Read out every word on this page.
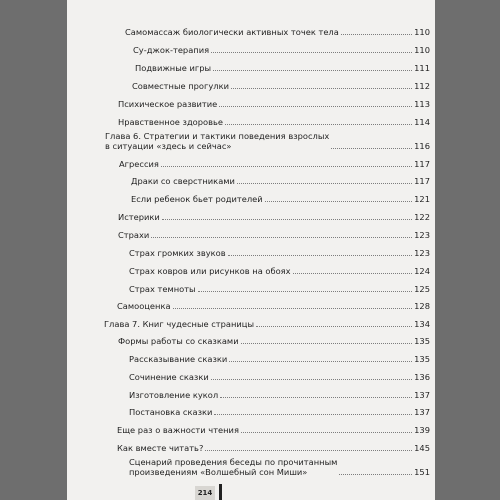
Самомассаж биологически активных точек тела	110
Су-джок-терапия	110
Подвижные игры	111
Совместные прогулки	112
Психическое развитие	113
Нравственное здоровье	114
Глава 6. Стратегии и тактики поведения взрослых
в ситуации «здесь и сейчас»	116
Агрессия	117
Драки со сверстниками	117
Если ребенок бьет родителей	121
Истерики	122
Страхи	123
Страх громких звуков	123
Страх ковров или рисунков на обоях	124
Страх темноты	125
Самооценка	128
Глава 7. Книг чудесные страницы	134
Формы работы со сказками	135
Рассказывание сказки	135
Сочинение сказки	136
Изготовление кукол	137
Постановка сказки	137
Еще раз о важности чтения	139
Как вместе читать?	145
Сценарий проведения беседы по прочитанным
произведениям «Волшебный сон Миши»	151
214
